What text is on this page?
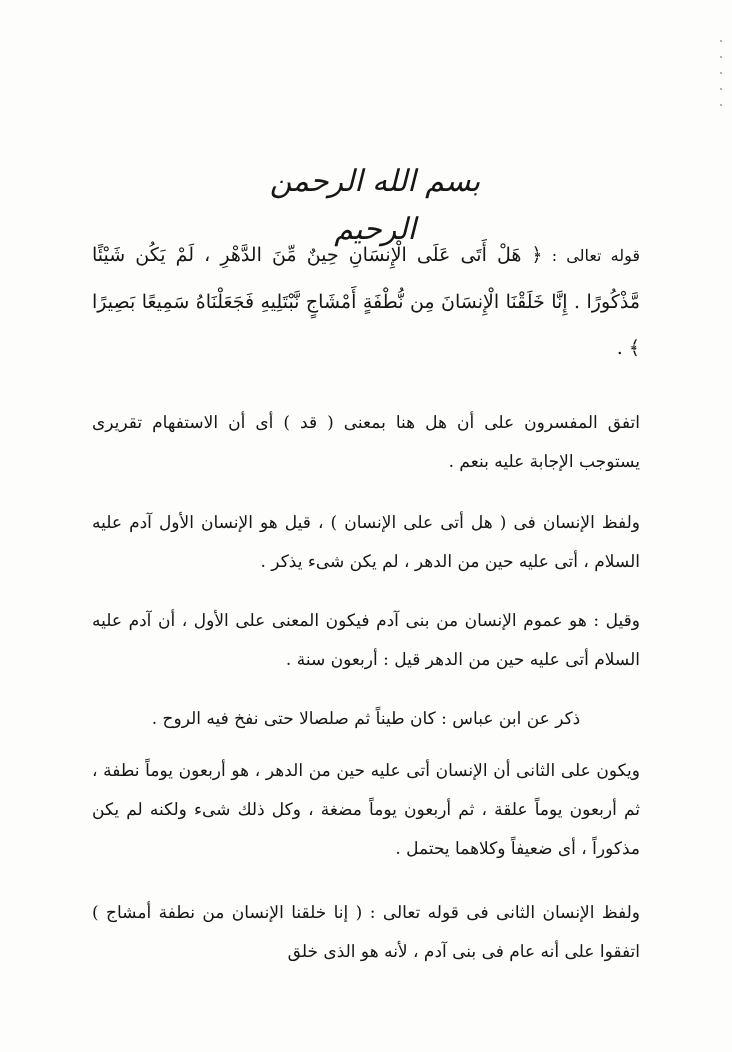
بسم الله الرحمن الرحيم

قوله تعالى : ﴿ هَلْ أَتَى عَلَى الْإِنسَانِ حِينٌ مِّنَ الدَّهْرِ ، لَمْ يَكُن شَيْئًا مَّذْكُورًا . إِنَّا خَلَقْنَا الْإِنسَانَ مِن نُّطْفَةٍ أَمْشَاجٍ نَّبْتَلِيهِ فَجَعَلْنَاهُ سَمِيعًا بَصِيرًا ﴾ .

اتفق المفسرون على أن هل هنا بمعنى ( قد ) أى أن الاستفهام تقريرى يستوجب الإجابة عليه بنعم .

ولفظ الإنسان فى ( هل أتى على الإنسان ) ، قيل هو الإنسان الأول آدم عليه السلام ، أتى عليه حين من الدهر ، لم يكن شىء يذكر .

وقيل : هو عموم الإنسان من بنى آدم فيكون المعنى على الأول ، أن آدم عليه السلام أتى عليه حين من الدهر قيل : أربعون سنة .

ذكر عن ابن عباس : كان طيناً ثم صلصالا حتى نفخ فيه الروح .

ويكون على الثانى أن الإنسان أتى عليه حين من الدهر ، هو أربعون يوماً نطفة ، ثم أربعون يوماً علقة ، ثم أربعون يوماً مضغة ، وكل ذلك شىء ولكنه لم يكن مذكوراً ، أى ضعيفاً وكلاهما يحتمل .

ولفظ الإنسان الثانى فى قوله تعالى : ( إنا خلقنا الإنسان من نطفة أمشاج ) اتفقوا على أنه عام فى بنى آدم ، لأنه هو الذى خلق
